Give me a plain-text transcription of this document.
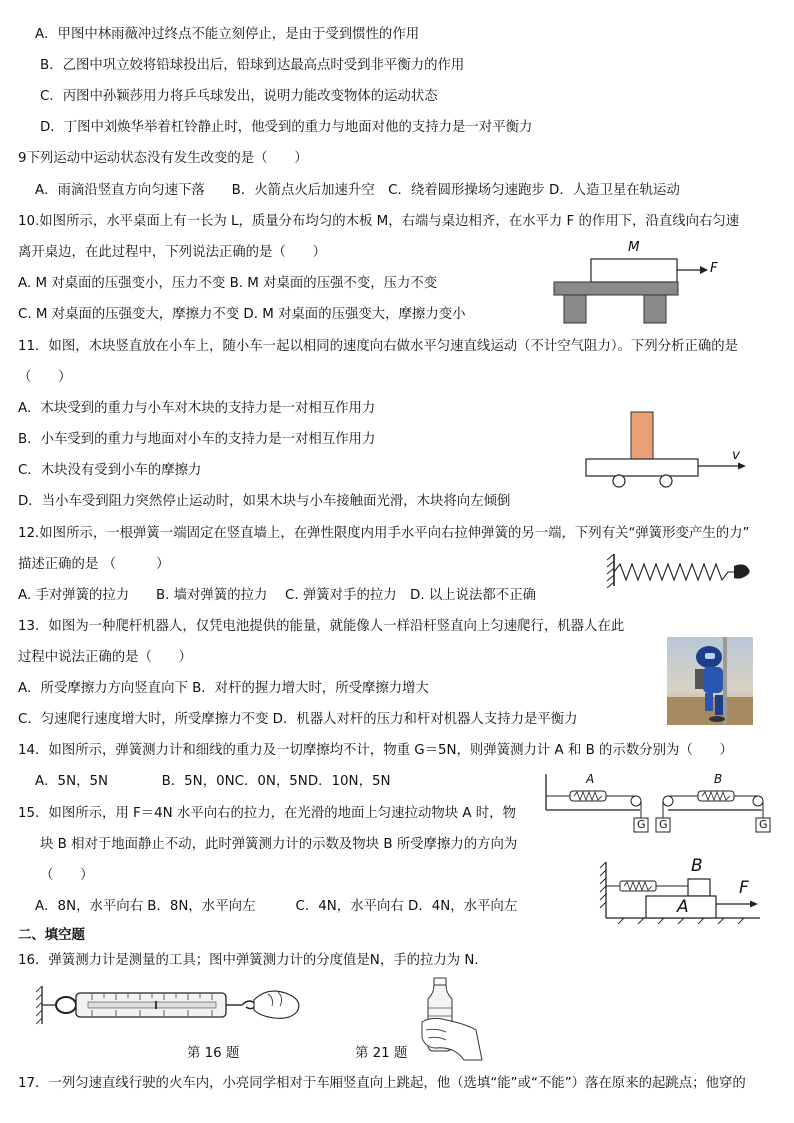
A．甲图中林雨薇冲过终点不能立刻停止，是由于受到惯性的作用
B．乙图中巩立姣将铅球投出后，铅球到达最高点时受到非平衡力的作用
C．丙图中孙颖莎用力将乒乓球发出，说明力能改变物体的运动状态
D．丁图中刘焕华举着杠铃静止时，他受到的重力与地面对他的支持力是一对平衡力
9下列运动中运动状态没有发生改变的是（　　）
A．雨滴沿竖直方向匀速下落　　B．火箭点火后加速升空　C．绕着圆形操场匀速跑步 D．人造卫星在轨运动
10.如图所示，水平桌面上有一长为 L，质量分布均匀的木板 M，右端与桌边相齐，在水平力 F 的作用下，沿直线向右匀速
离开桌边，在此过程中，下列说法正确的是（　　）
A. M 对桌面的压强变小，压力不变 B. M 对桌面的压强不变，压力不变
C. M 对桌面的压强变大，摩擦力不变 D. M 对桌面的压强变大，摩擦力变小
M
F
11．如图，木块竖直放在小车上，随小车一起以相同的速度向右做水平匀速直线运动（不计空气阻力）。下列分析正确的是
（　　）
A．木块受到的重力与小车对木块的支持力是一对相互作用力
B．小车受到的重力与地面对小车的支持力是一对相互作用力
C．木块没有受到小车的摩擦力
D．当小车受到阻力突然停止运动时，如果木块与小车接触面光滑，木块将向左倾倒
v
12.如图所示，一根弹簧一端固定在竖直墙上，在弹性限度内用手水平向右拉伸弹簧的另一端，下列有关“弹簧形变产生的力”
描述正确的是 （　　　）
A. 手对弹簧的拉力　　B. 墙对弹簧的拉力　 C. 弹簧对手的拉力　D. 以上说法都不正确
13．如图为一种爬杆机器人，仅凭电池提供的能量，就能像人一样沿杆竖直向上匀速爬行，机器人在此
过程中说法正确的是（　　）
A．所受摩擦力方向竖直向下 B．对杆的握力增大时，所受摩擦力增大
C．匀速爬行速度增大时，所受摩擦力不变 D．机器人对杆的压力和杆对机器人支持力是平衡力
14．如图所示，弹簧测力计和细线的重力及一切摩擦均不计，物重 G＝5N，则弹簧测力计 A 和 B 的示数分别为（　　）
A．5N，5N　　　　B．5N，0NC．0N，5ND．10N，5N	A	B
G G	G
15．如图所示，用 F＝4N 水平向右的拉力，在光滑的地面上匀速拉动物块 A 时，物
块 B 相对于地面静止不动，此时弹簧测力计的示数及物块 B 所受摩擦力的方向为
（　　）
A．8N，水平向右 B．8N，水平向左　　　C．4N，水平向右 D．4N，水平向左
B
A
F
二、填空题
16．弹簧测力计是测量的工具；图中弹簧测力计的分度值是N，手的拉力为 N．
第 16 题	第 21 题
17．一列匀速直线行驶的火车内，小亮同学相对于车厢竖直向上跳起，他（选填“能”或“不能”）落在原来的起跳点；他穿的
